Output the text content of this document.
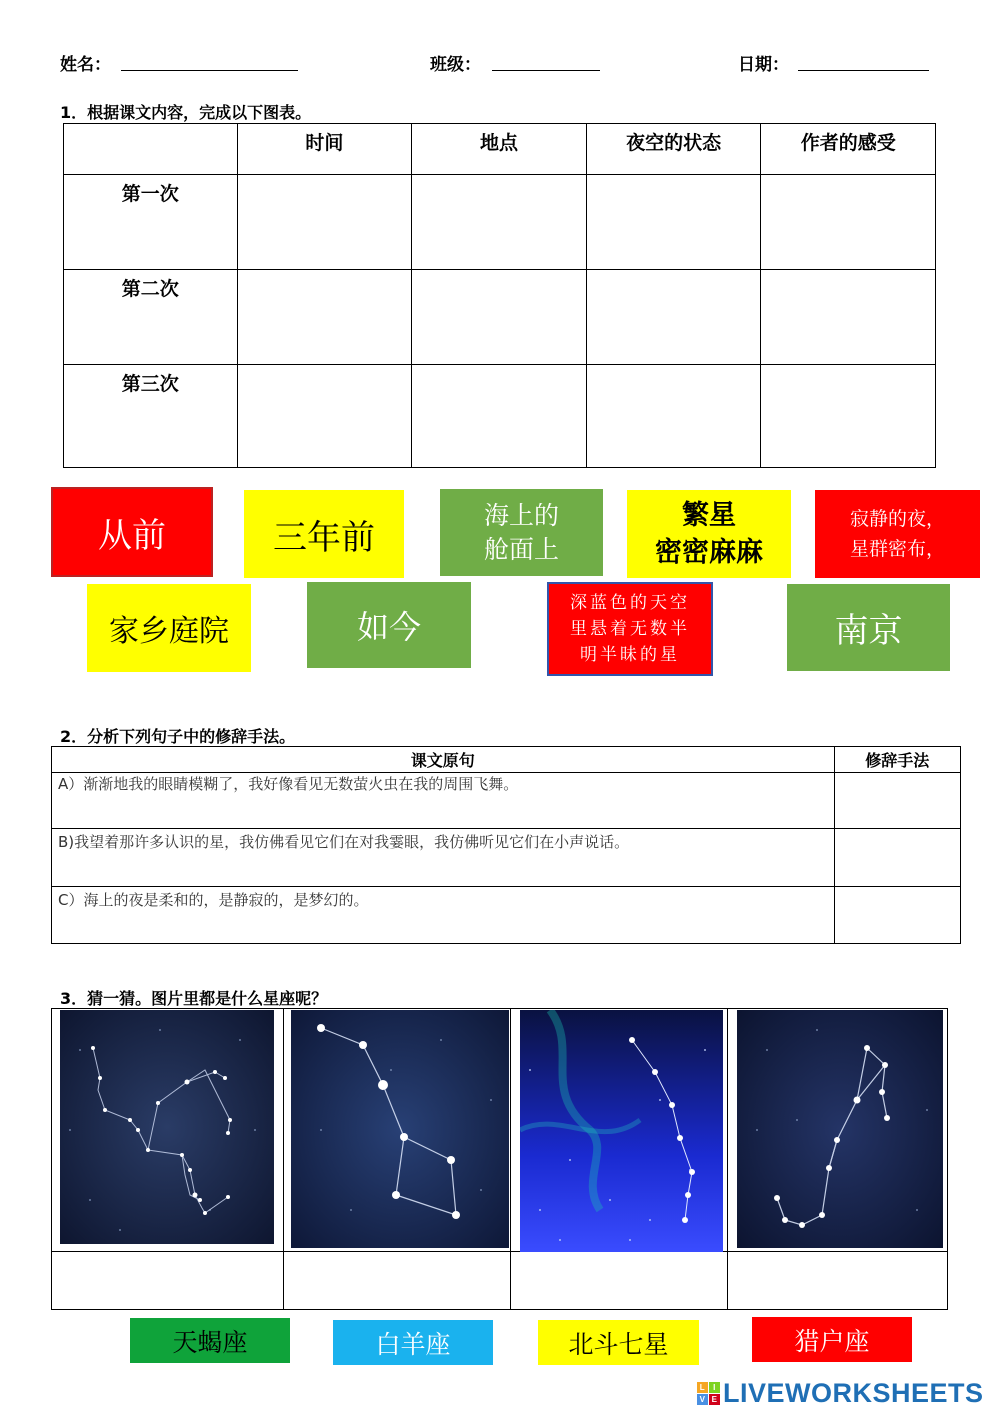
姓名：	班级：	日期：
1．根据课文内容，完成以下图表。
	时间	地点	夜空的状态	作者的感受
第一次				
第二次				
第三次				
从前	三年前
海上的
舱面上
繁星
密密麻麻
寂静的夜，
星群密布，
家乡庭院	如今
深蓝色的天空
里悬着无数半
明半昧的星
南京
2．分析下列句子中的修辞手法。
课文原句	修辞手法
A）渐渐地我的眼睛模糊了，我好像看见无数萤火虫在我的周围飞舞。	
B)我望着那许多认识的星，我仿佛看见它们在对我霎眼，我仿佛听见它们在小声说话。	
C）海上的夜是柔和的，是静寂的，是梦幻的。	
3．猜一猜。图片里都是什么星座呢？

天蝎座	白羊座	北斗七星	猎户座
L I
V E LIVEWORKSHEETS
